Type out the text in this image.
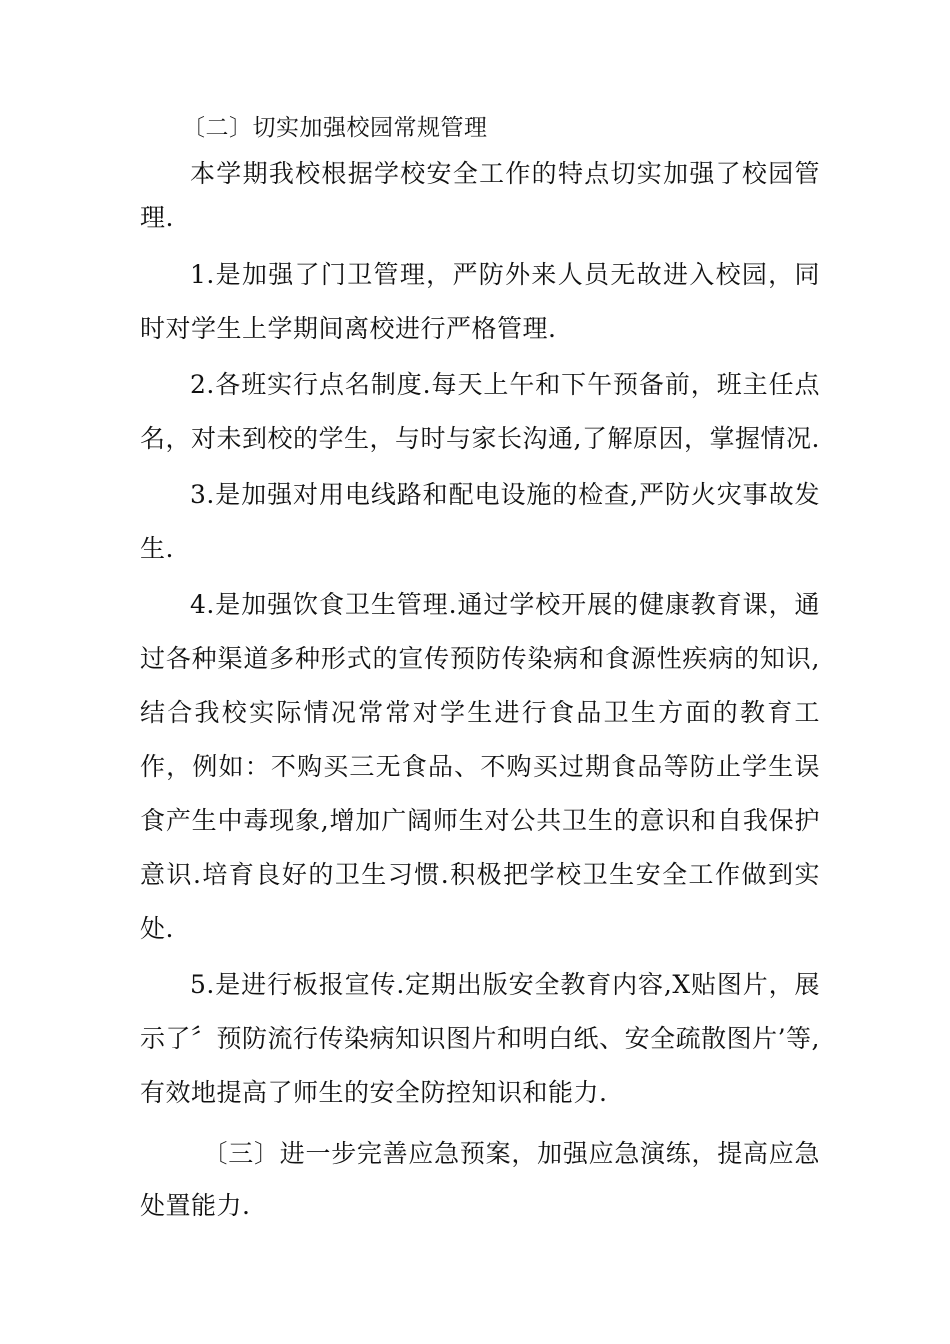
〔二〕切实加强校园常规管理

本学期我校根据学校安全工作的特点切实加强了校园管理.

1.是加强了门卫管理，严防外来人员无故进入校园，同时对学生上学期间离校进行严格管理.

2.各班实行点名制度.每天上午和下午预备前，班主任点名，对未到校的学生，与时与家长沟通,了解原因，掌握情况.

3.是加强对用电线路和配电设施的检查,严防火灾事故发生.

4.是加强饮食卫生管理.通过学校开展的健康教育课，通过各种渠道多种形式的宣传预防传染病和食源性疾病的知识,结合我校实际情况常常对学生进行食品卫生方面的教育工作，例如：不购买三无食品、不购买过期食品等防止学生误食产生中毒现象,增加广阔师生对公共卫生的意识和自我保护意识.培育良好的卫生习惯.积极把学校卫生安全工作做到实处.

5.是进行板报宣传.定期出版安全教育内容,X贴图片，展示了〞预防流行传染病知识图片和明白纸、安全疏散图片’等,有效地提高了师生的安全防控知识和能力.

〔三〕进一步完善应急预案，加强应急演练，提高应急处置能力.
